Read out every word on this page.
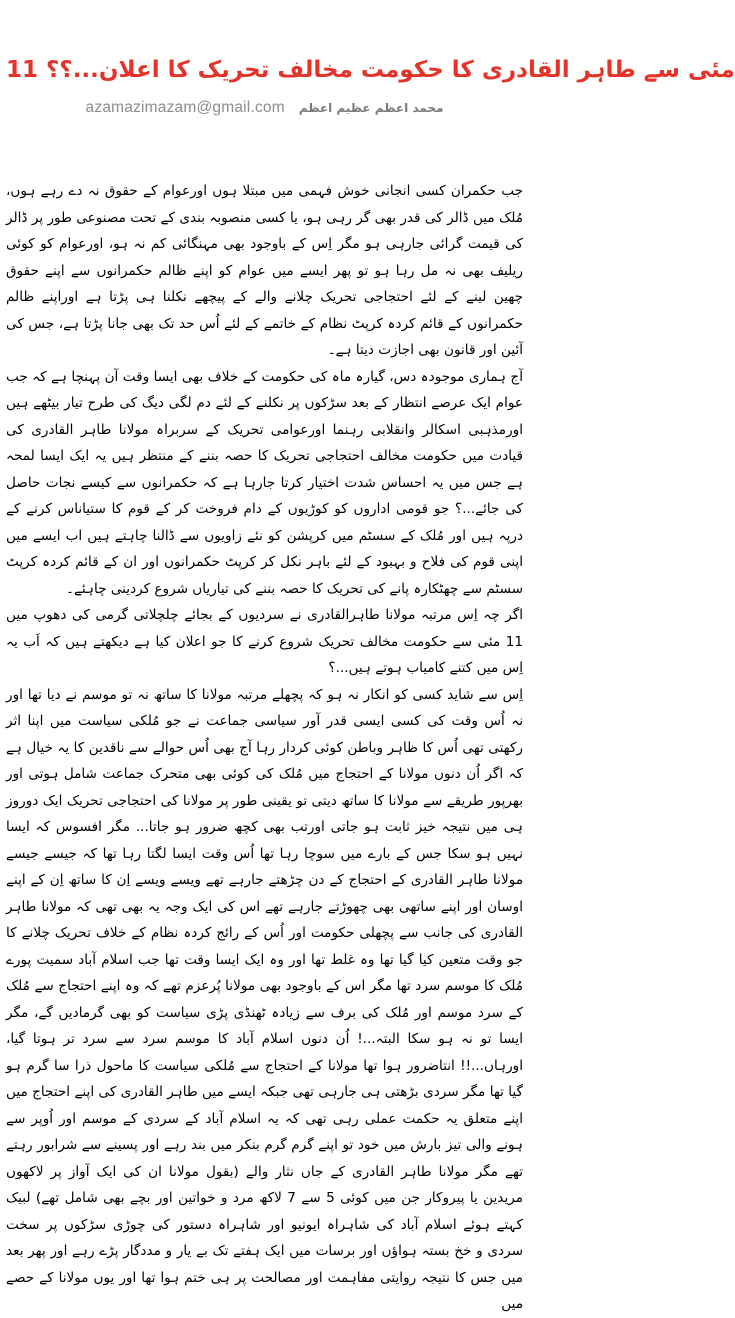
11 مئی سے طاہر القادری کا حکومت مخالف تحریک کا اعلان...؟؟
azamazimazam@gmail.com محمد اعظم عظیم اعظم

جب حکمران کسی انجانی خوش فہمی میں مبتلا ہوں اورعوام کے حقوق نہ دے رہے ہوں، مُلک میں ڈالر کی قدر بھی گر رہی ہو، یا کسی منصوبہ بندی کے تحت مصنوعی طور پر ڈالر کی قیمت گرائی جارہی ہو مگر اِس کے باوجود بھی مہنگائی کم نہ ہو، اورعوام کو کوئی ریلیف بھی نہ مل رہا ہو تو پھر ایسے میں عوام کو اپنے ظالم حکمرانوں سے اپنے حقوق چھین لینے کے لئے احتجاجی تحریک چلانے والے کے پیچھے نکلنا ہی پڑتا ہے اوراپنے ظالم حکمرانوں کے قائم کردہ کرپٹ نظام کے خاتمے کے لئے اُس حد تک بھی جانا پڑتا ہے، جس کی آئین اور قانون بھی اجازت دیتا ہے۔

آج ہماری موجودہ دس، گیارہ ماہ کی حکومت کے خلاف بھی ایسا وقت آن پہنچا ہے کہ جب عوام ایک عرصے انتظار کے بعد سڑکوں پر نکلنے کے لئے دم لگی دیگ کی طرح تیار بیٹھے ہیں اورمذہبی اسکالر وانقلابی رہنما اورعوامی تحریک کے سربراہ مولانا طاہر القادری کی قیادت میں حکومت مخالف احتجاجی تحریک کا حصہ بننے کے منتظر ہیں یہ ایک ایسا لمحہ ہے جس میں یہ احساس شدت اختیار کرتا جارہا ہے کہ حکمرانوں سے کیسے نجات حاصل کی جائے...؟ جو قومی اداروں کو کوڑیوں کے دام فروخت کر کے قوم کا ستیاناس کرنے کے درپہ ہیں اور مُلک کے سسٹم میں کرپشن کو نئے زاویوں سے ڈالنا چاہتے ہیں اب ایسے میں اپنی قوم کی فلاح و بہبود کے لئے باہر نکل کر کرپٹ حکمرانوں اور ان کے قائم کردہ کرپٹ سسٹم سے چھٹکارہ پانے کی تحریک کا حصہ بننے کی تیاریاں شروع کردینی چاہئے۔

اگر چہ اِس مرتبہ مولانا طاہرالقادری نے سردیوں کے بجائے چلچلاتی گرمی کی دھوپ میں 11 مئی سے حکومت مخالف تحریک شروع کرنے کا جو اعلان کیا ہے دیکھتے ہیں کہ اَب یہ اِس میں کتنے کامیاب ہوتے ہیں...؟

اِس سے شاید کسی کو انکار نہ ہو کہ پچھلے مرتبہ مولانا کا ساتھ نہ تو موسم نے دیا تھا اور نہ اُس وقت کی کسی ایسی قدر آور سیاسی جماعت نے جو مُلکی سیاست میں اپنا اثر رکھتی تھی اُس کا ظاہر وباطن کوئی کردار رہا آج بھی اُس حوالے سے ناقدین کا یہ خیال ہے کہ اگر اُن دنوں مولانا کے احتجاج میں مُلک کی کوئی بھی متحرک جماعت شامل ہوتی اور بھرپور طریقے سے مولانا کا ساتھ دیتی تو یقینی طور پر مولانا کی احتجاجی تحریک ایک دوروز ہی میں نتیجہ خیز ثابت ہو جاتی اورتب بھی کچھ ضرور ہو جاتا... مگر افسوس کہ ایسا نہیں ہو سکا جس کے بارے میں سوچا رہا تھا اُس وقت ایسا لگتا رہا تھا کہ جیسے جیسے مولانا طاہر القادری کے احتجاج کے دن چڑھتے جارہے تھے ویسے ویسے اِن کا ساتھ اِن کے اپنے اوسان اور اپنے ساتھی بھی چھوڑتے جارہے تھے اس کی ایک وجہ یہ بھی تھی کہ مولانا طاہر القادری کی جانب سے پچھلی حکومت اور اُس کے رائج کردہ نظام کے خلاف تحریک چلانے کا جو وقت متعین کیا گیا تھا وہ غلط تھا اور وہ ایک ایسا وقت تھا جب اسلام آباد سمیت پورے مُلک کا موسم سرد تھا مگر اس کے باوجود بھی مولانا پُرعزم تھے کہ وہ اپنے احتجاج سے مُلک کے سرد موسم اور مُلک کی برف سے زیادہ ٹھنڈی پڑی سیاست کو بھی گرمادیں گے، مگر ایسا تو نہ ہو سکا البتہ...! اُن دنوں اسلام آباد کا موسم سرد سے سرد تر ہوتا گیا، اورہاں...!! انتاضرور ہوا تھا مولانا کے احتجاج سے مُلکی سیاست کا ماحول ذرا سا گرم ہو گیا تھا مگر سردی بڑھتی ہی جارہی تھی جبکہ ایسے میں طاہر القادری کی اپنے احتجاج میں اپنے متعلق یہ حکمت عملی رہی تھی کہ یہ اسلام آباد کے سردی کے موسم اور اُوپر سے ہونے والی تیز بارش میں خود تو اپنے گرم گرم بنکر میں بند رہے اور پسینے سے شرابور رہتے تھے مگر مولانا طاہر القادری کے جاں نثار والے (بقول مولانا ان کی ایک آواز پر لاکھوں مریدین یا پیروکار جن میں کوئی 5 سے 7 لاکھ مرد و خواتین اور بچے بھی شامل تھے) لبیک کہتے ہوئے اسلام آباد کی شاہراہ ایونیو اور شاہراہ دستور کی چوڑی سڑکوں پر سخت سردی و خخ بستہ ہواؤں اور برسات میں ایک ہفتے تک بے یار و مددگار پڑے رہے اور پھر بعد میں جس کا نتیجہ روایتی مفاہمت اور مصالحت پر ہی ختم ہوا تھا اور یوں مولانا کے حصے میں
